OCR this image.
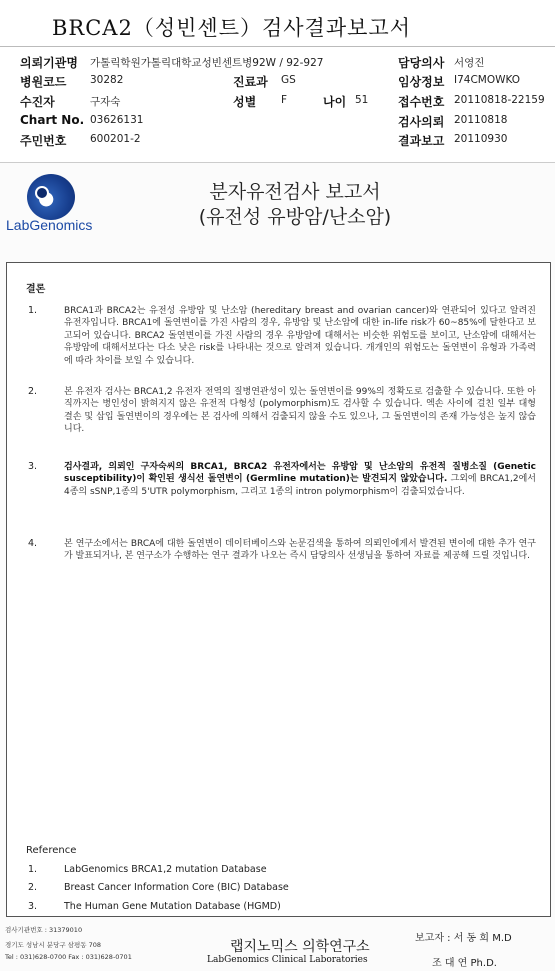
BRCA2（성빈센트）검사결과보고서
의뢰기관명 가톨릭학원가톨릭대학교성빈센트병92W / 92-927	담당의사 서영진
병원코드 30282	진료과 GS	임상정보 I74CMOWKO
수진자	구자숙	성별 F	나이 51 접수번호 20110818-22159
Chart No. 03626131	검사의뢰 20110818
주민번호 600201-2	결과보고 20110930
LabGenomics
분자유전검사 보고서
(유전성 유방암/난소암)
결론
1.	BRCA1과 BRCA2는 유전성 유방암 및 난소암 (hereditary breast and ovarian cancer)와 연관되어 있다고 알려진 유전자입니다. BRCA1에 돌연변이를 가진 사람의 경우, 유방암 및 난소암에 대한 in-life risk가 60~85%에 달한다고 보고되어 있습니다. BRCA2 돌연변이를 가진 사람의 경우 유방암에 대해서는 비슷한 위험도를 보이고, 난소암에 대해서는 유방암에 대해서보다는 다소 낮은 risk를 나타내는 것으로 알려져 있습니다. 개개인의 위험도는 돌연변이 유형과 가족력에 따라 차이를 보일 수 있습니다.
2.	본 유전자 검사는 BRCA1,2 유전자 전역의 질병연관성이 있는 돌연변이를 99%의 정확도로 검출할 수 있습니다. 또한 아직까지는 병인성이 밝혀지지 않은 유전적 다형성 (polymorphism)도 검사할 수 있습니다. 엑손 사이에 걸친 일부 대형 결손 및 삽입 돌연변이의 경우에는 본 검사에 의해서 검출되지 않을 수도 있으나, 그 돌연변이의 존재 가능성은 높지 않습니다.
3.	검사결과, 의뢰인 구자숙씨의 BRCA1, BRCA2 유전자에서는 유방암 및 난소암의 유전적 질병소질 (Genetic susceptibility)이 확인된 생식선 돌연변이 (Germline mutation)는 발견되지 않았습니다. 그외에 BRCA1,2에서 4종의 sSNP,1종의 5'UTR polymorphism, 그리고 1종의 intron polymorphism이 검출되었습니다.
4.	본 연구소에서는 BRCA에 대한 돌연변이 데이터베이스와 논문검색을 통하여 의뢰인에게서 발견된 변이에 대한 추가 연구가 발표되거나, 본 연구소가 수행하는 연구 결과가 나오는 즉시 담당의사 선생님을 통하여 자료를 제공해 드릴 것입니다.
Reference
1.	LabGenomics BRCA1,2 mutation Database
2.	Breast Cancer Information Core (BIC) Database
3.	The Human Gene Mutation Database (HGMD)
검사기관번호 : 31379010
경기도 성남시 분당구 삼평동 708
Tel : 031)628-0700 Fax : 031)628-0701
랩지노믹스 의학연구소
LabGenomics Clinical Laboratories
보고자 : 서 동 희 M.D
조 대 연 Ph.D.
